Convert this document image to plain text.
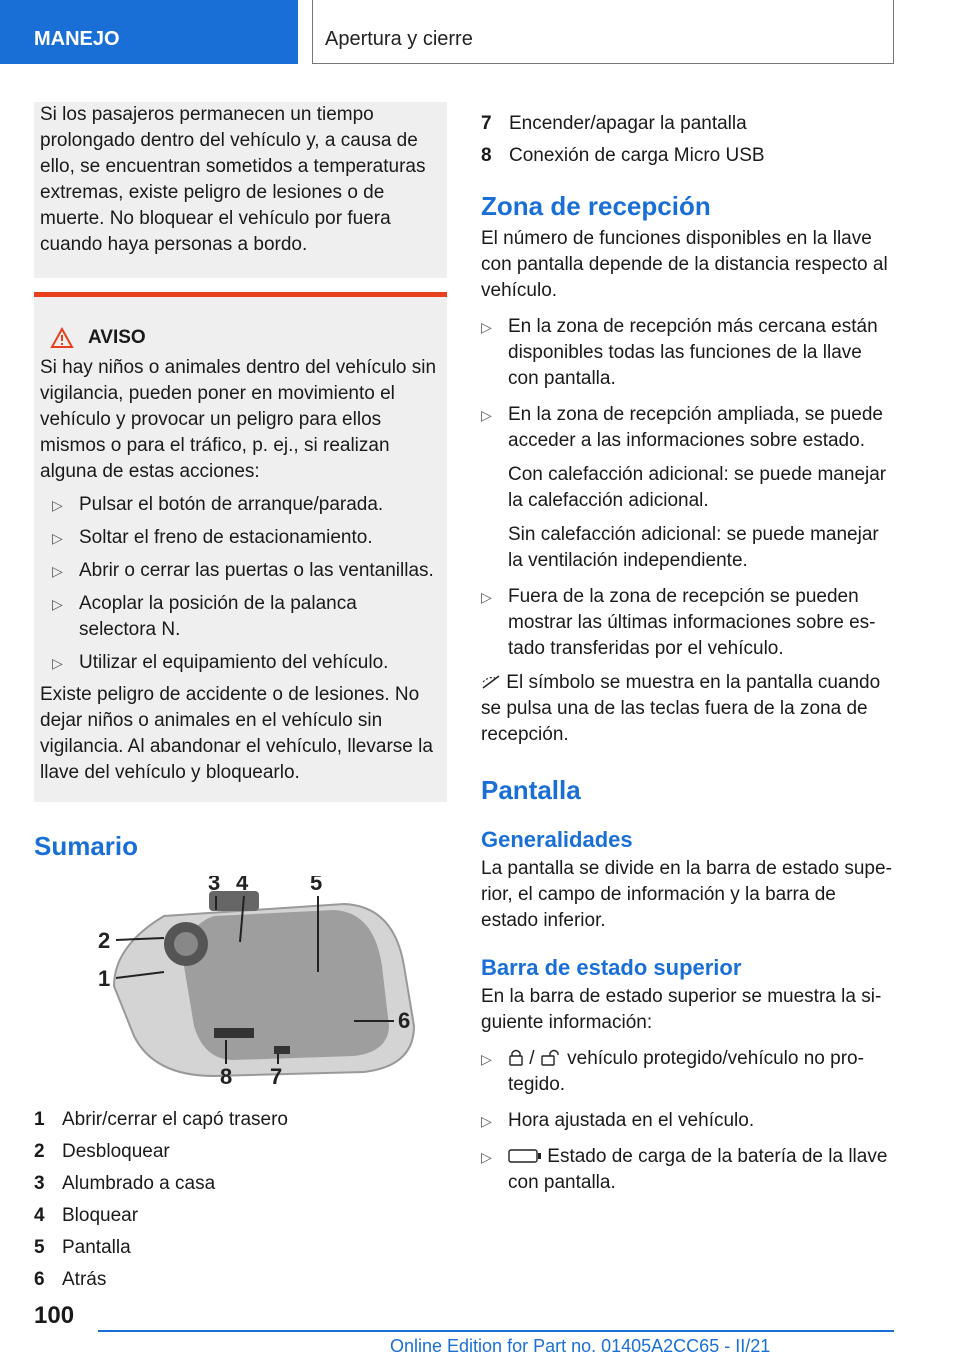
MANEJO	Apertura y cierre

Si los pasajeros permanecen un tiempo prolongado dentro del vehículo y, a causa de ello, se encuentran sometidos a temperaturas extremas, existe peligro de lesiones o de muerte. No bloquear el vehículo por fuera cuando haya personas a bordo.

AVISO

Si hay niños o animales dentro del vehículo sin vigilancia, pueden poner en movimiento el vehículo y provocar un peligro para ellos mismos o para el tráfico, p. ej., si realizan alguna de estas acciones:

▷ Pulsar el botón de arranque/parada.
▷ Soltar el freno de estacionamiento.
▷ Abrir o cerrar las puertas o las ventanillas.
▷ Acoplar la posición de la palanca selectora N.
▷ Utilizar el equipamiento del vehículo.

Existe peligro de accidente o de lesiones. No dejar niños o animales en el vehículo sin vigilancia. Al abandonar el vehículo, llevarse la llave del vehículo y bloquearlo.

Sumario
3 4	5
2
1
6
8 7
1 Abrir/cerrar el capó trasero
2 Desbloquear
3 Alumbrado a casa
4 Bloquear
5 Pantalla
6 Atrás
7 Encender/apagar la pantalla
8 Conexión de carga Micro USB
Zona de recepción

El número de funciones disponibles en la llave con pantalla depende de la distancia respecto al vehículo.

▷ En la zona de recepción más cercana están disponibles todas las funciones de la llave con pantalla.
▷ En la zona de recepción ampliada, se puede acceder a las informaciones sobre estado.

Con calefacción adicional: se puede manejar la calefacción adicional.

Sin calefacción adicional: se puede manejar la ventilación independiente.

▷ Fuera de la zona de recepción se pueden mostrar las últimas informaciones sobre estado transferidas por el vehículo.

El símbolo se muestra en la pantalla cuando se pulsa una de las teclas fuera de la zona de recepción.

Pantalla
Generalidades

La pantalla se divide en la barra de estado superior, el campo de información y la barra de estado inferior.

Barra de estado superior

En la barra de estado superior se muestra la siguiente información:

▷	/ vehículo protegido/vehículo no protegido.
▷ Hora ajustada en el vehículo.
▷	Estado de carga de la batería de la llave con pantalla.
100
Online Edition for Part no. 01405A2CC65 - II/21
